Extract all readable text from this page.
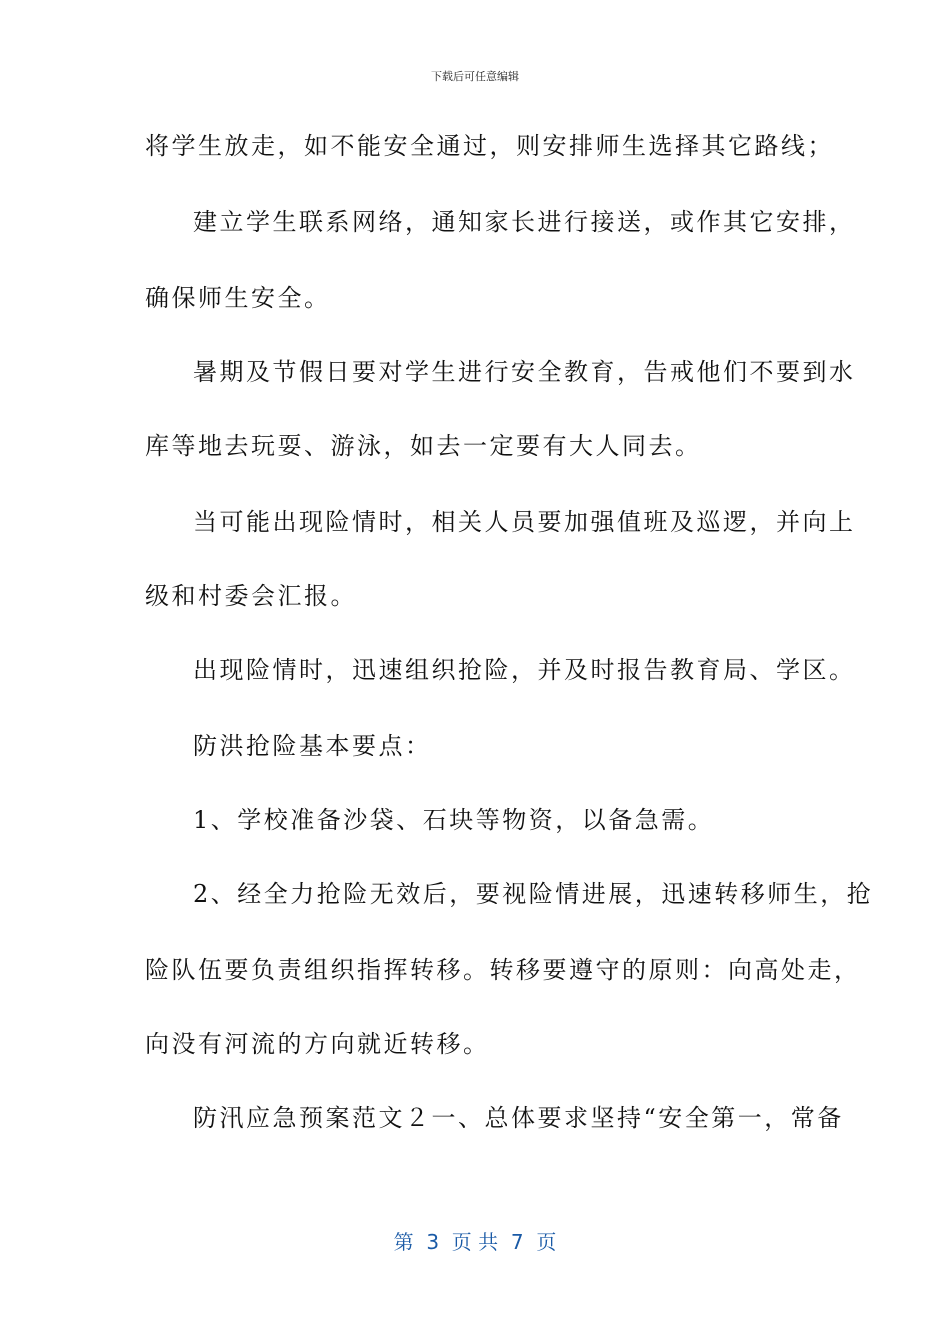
下载后可任意编辑
将学生放走，如不能安全通过，则安排师生选择其它路线；
建立学生联系网络，通知家长进行接送，或作其它安排，
确保师生安全。
暑期及节假日要对学生进行安全教育，告戒他们不要到水
库等地去玩耍、游泳，如去一定要有大人同去。
当可能出现险情时，相关人员要加强值班及巡逻，并向上
级和村委会汇报。
出现险情时，迅速组织抢险，并及时报告教育局、学区。
防洪抢险基本要点：
1、学校准备沙袋、石块等物资，以备急需。
2、经全力抢险无效后，要视险情进展，迅速转移师生，抢
险队伍要负责组织指挥转移。转移要遵守的原则：向高处走，
向没有河流的方向就近转移。
防汛应急预案范文２一、总体要求坚持“安全第一，常备
第  3  页 共  7  页
